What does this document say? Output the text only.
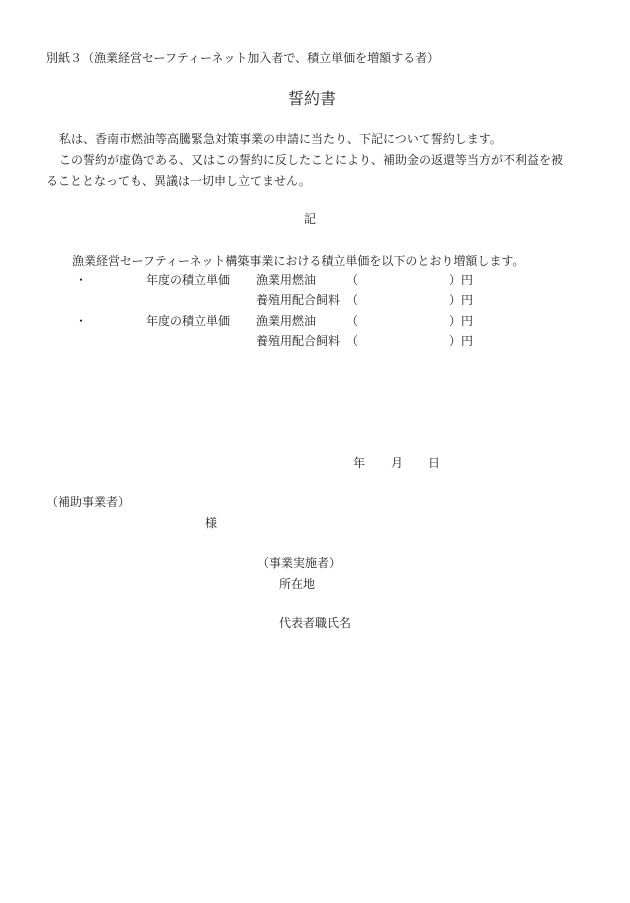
別紙３（漁業経営セーフティーネット加入者で、積立単価を増額する者）
誓約書
私は、香南市燃油等高騰緊急対策事業の申請に当たり、下記について誓約します。
この誓約が虚偽である、又はこの誓約に反したことにより、補助金の返還等当方が不利益を被
ることとなっても、異議は一切申し立てません。
記
漁業経営セーフティーネット構築事業における積立単価を以下のとおり増額します。
・	年度の積立単価 漁業用燃油 （	）円
養殖用配合飼料 （	）円
・	年度の積立単価 漁業用燃油 （	）円
養殖用配合飼料 （	）円
年 月 日
（補助事業者）
様
（事業実施者）
所在地
代表者職氏名
